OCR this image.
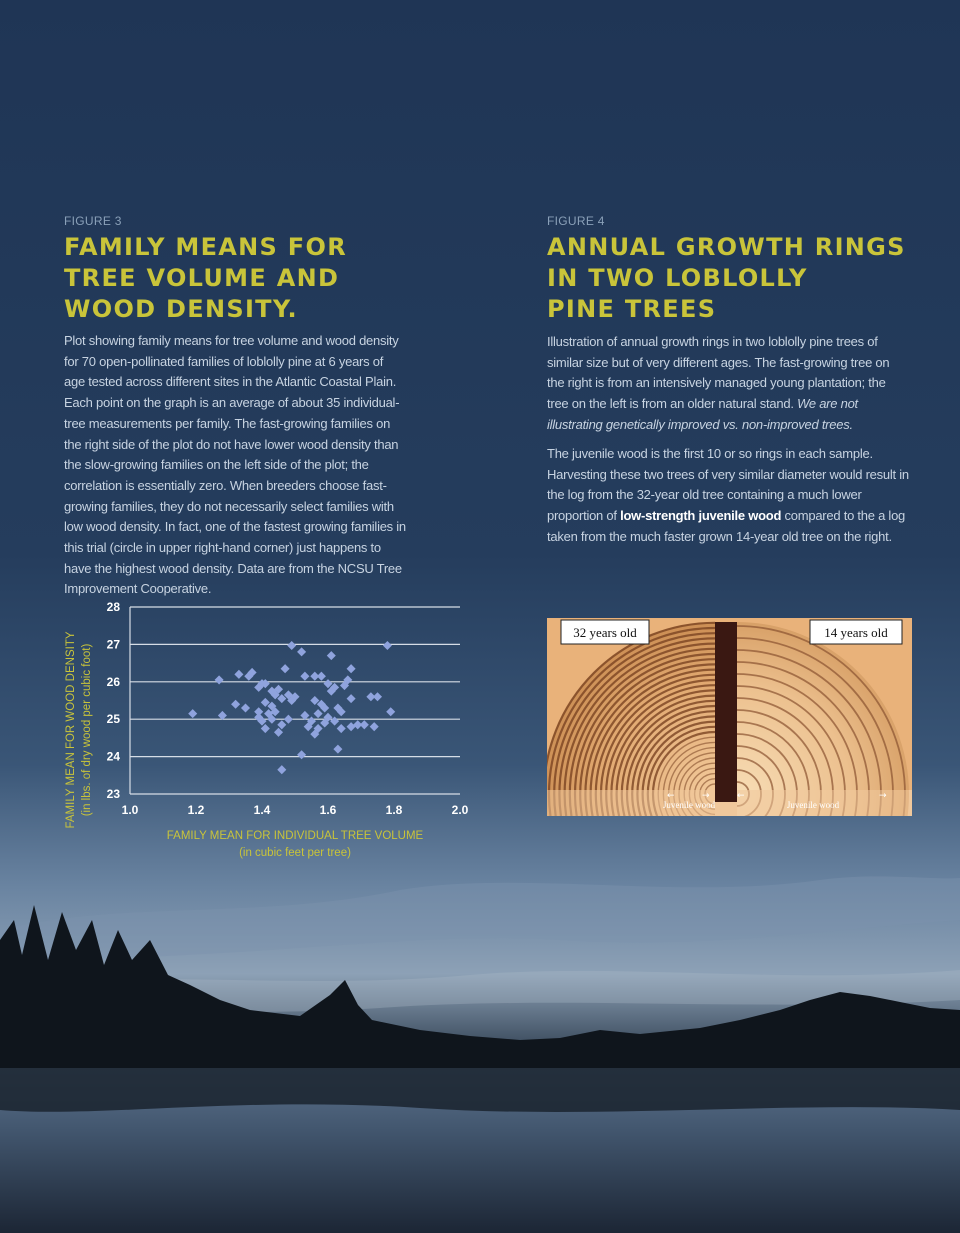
FIGURE 3
FAMILY MEANS FOR
TREE VOLUME AND
WOOD DENSITY.

Plot showing family means for tree volume and wood density for 70 open-pollinated families of loblolly pine at 6 years of age tested across different sites in the Atlantic Coastal Plain. Each point on the graph is an average of about 35 individual-tree measurements per family. The fast-growing families on the right side of the plot do not have lower wood density than the slow-growing families on the left side of the plot; the correlation is essentially zero. When breeders choose fast-growing families, they do not necessarily select families with low wood density. In fact, one of the fastest growing families in this trial (circle in upper right-hand corner) just happens to have the highest wood density. Data are from the NCSU Tree Improvement Cooperative.

FIGURE 4
ANNUAL GROWTH RINGS
IN TWO LOBLOLLY
PINE TREES

Illustration of annual growth rings in two loblolly pine trees of similar size but of very different ages. The fast-growing tree on the right is from an intensively managed young plantation; the tree on the left is from an older natural stand. We are not illustrating genetically improved vs. non-improved trees.

The juvenile wood is the first 10 or so rings in each sample. Harvesting these two trees of very similar diameter would result in the log from the 32-year old tree containing a much lower proportion of low-strength juvenile wood compared to the a log taken from the much faster grown 14-year old tree on the right.

23
24
25
26
27
28
1.0	1.2	1.4	1.6	1.8	2.0
FAMILY MEAN FOR WOOD DENSITY (in lbs. of dry wood per cubic foot)
FAMILY MEAN FOR INDIVIDUAL TREE VOLUME
(in cubic feet per tree)
32 years old	14 years old
Juvenile wood	Juvenile wood
←	→	←	→
